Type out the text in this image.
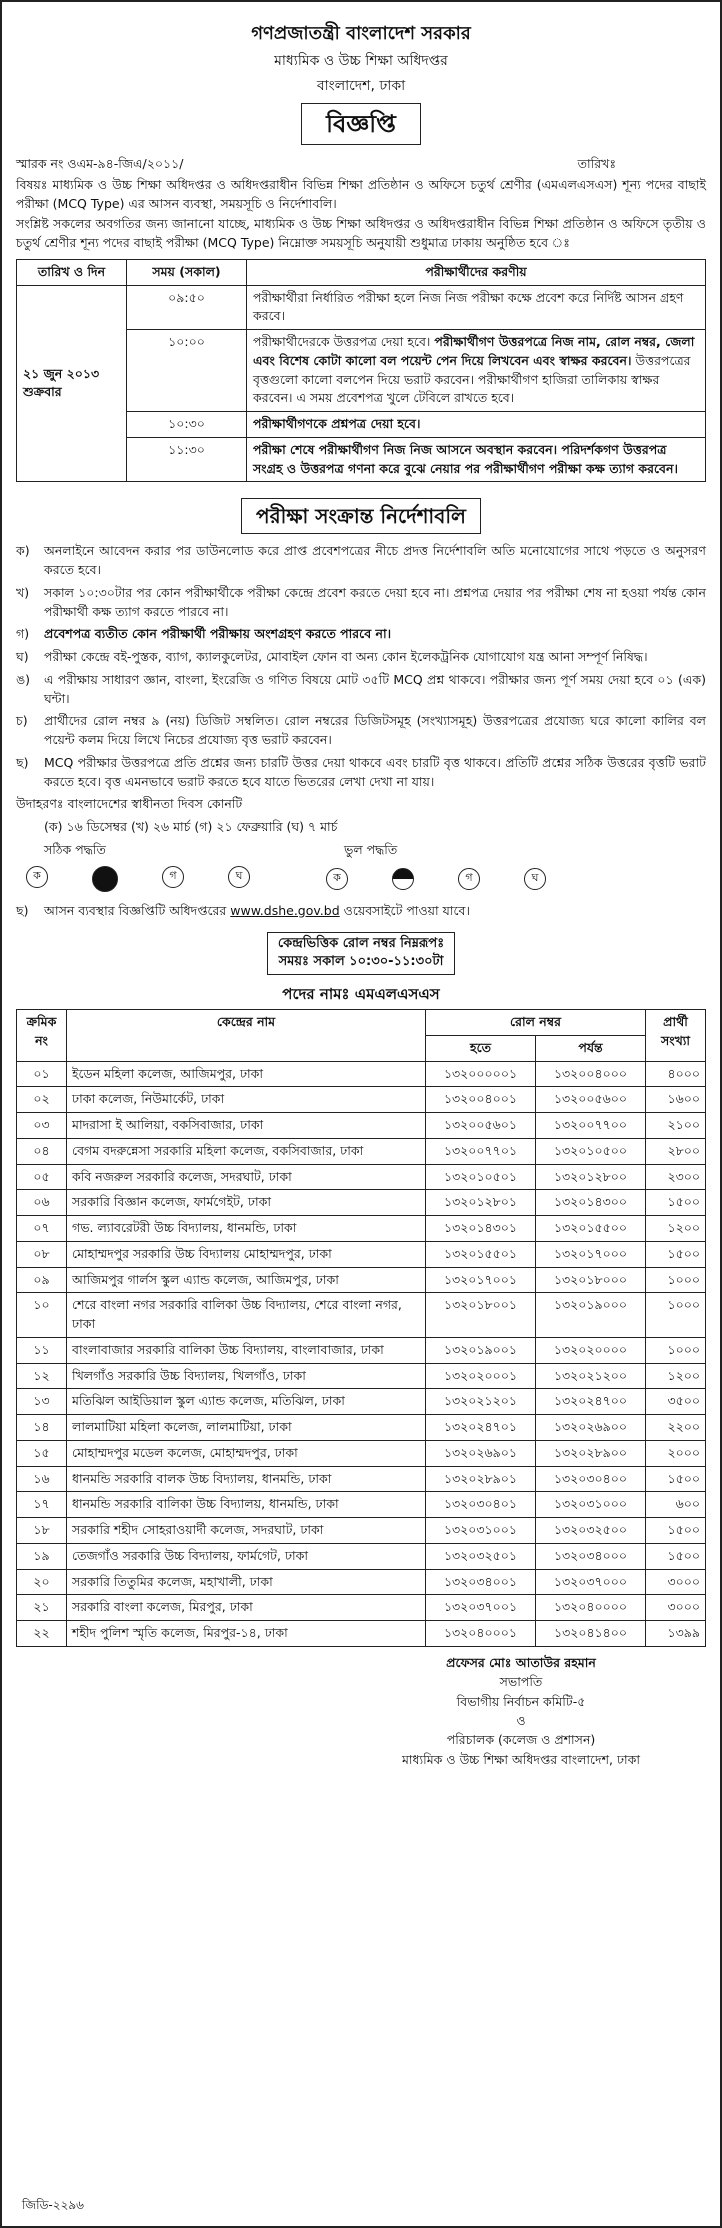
গণপ্রজাতন্ত্রী বাংলাদেশ সরকার
মাধ্যমিক ও উচ্চ শিক্ষা অধিদপ্তর
বাংলাদেশ, ঢাকা
বিজ্ঞপ্তি
স্মারক নং ওএম-৯৪-জিএ/২০১১/	তারিখঃ

বিষয়ঃ মাধ্যমিক ও উচ্চ শিক্ষা অধিদপ্তর ও অধিদপ্তরাধীন বিভিন্ন শিক্ষা প্রতিষ্ঠান ও অফিসে চতুর্থ শ্রেণীর (এমএলএসএস) শূন্য পদের বাছাই পরীক্ষা (MCQ Type) এর আসন ব্যবস্থা, সময়সূচি ও নির্দেশাবলি।

সংশ্লিষ্ট সকলের অবগতির জন্য জানানো যাচ্ছে, মাধ্যমিক ও উচ্চ শিক্ষা অধিদপ্তর ও অধিদপ্তরাধীন বিভিন্ন শিক্ষা প্রতিষ্ঠান ও অফিসে তৃতীয় ও চতুর্থ শ্রেণীর শূন্য পদের বাছাই পরীক্ষা (MCQ Type) নিম্নোক্ত সময়সূচি অনুযায়ী শুধুমাত্র ঢাকায় অনুষ্ঠিত হবে ঃ

তারিখ ও দিন	সময় (সকাল)	পরীক্ষার্থীদের করণীয়

২১ জুন ২০১৩
শুক্রবার	০৯:৫০	পরীক্ষার্থীরা নির্ধারিত পরীক্ষা হলে নিজ নিজ পরীক্ষা কক্ষে প্রবেশ করে নির্দিষ্ট আসন গ্রহণ করবে।
	১০:০০	পরীক্ষার্থীদেরকে উত্তরপত্র দেয়া হবে। পরীক্ষার্থীগণ উত্তরপত্রে নিজ নাম, রোল নম্বর, জেলা এবং বিশেষ কোটা কালো বল পয়েন্ট পেন দিয়ে লিখবেন এবং স্বাক্ষর করবেন। উত্তরপত্রের বৃত্তগুলো কালো বলপেন দিয়ে ভরাট করবেন। পরীক্ষার্থীগণ হাজিরা তালিকায় স্বাক্ষর করবেন। এ সময় প্রবেশপত্র খুলে টেবিলে রাখতে হবে।
	১০:৩০	পরীক্ষার্থীগণকে প্রশ্নপত্র দেয়া হবে।
	১১:৩০	পরীক্ষা শেষে পরীক্ষার্থীগণ নিজ নিজ আসনে অবস্থান করবেন। পরিদর্শকগণ উত্তরপত্র সংগ্রহ ও উত্তরপত্র গণনা করে বুঝে নেয়ার পর পরীক্ষার্থীগণ পরীক্ষা কক্ষ ত্যাগ করবেন।
পরীক্ষা সংক্রান্ত নির্দেশাবলি
ক)	অনলাইনে আবেদন করার পর ডাউনলোড করে প্রাপ্ত প্রবেশপত্রের নীচে প্রদত্ত নির্দেশাবলি অতি মনোযোগের সাথে পড়তে ও অনুসরণ করতে হবে।
খ)	সকাল ১০:৩০টার পর কোন পরীক্ষার্থীকে পরীক্ষা কেন্দ্রে প্রবেশ করতে দেয়া হবে না। প্রশ্নপত্র দেয়ার পর পরীক্ষা শেষ না হওয়া পর্যন্ত কোন পরীক্ষার্থী কক্ষ ত্যাগ করতে পারবে না।
গ)	প্রবেশপত্র ব্যতীত কোন পরীক্ষার্থী পরীক্ষায় অংশগ্রহণ করতে পারবে না।
ঘ)	পরীক্ষা কেন্দ্রে বই-পুস্তক, ব্যাগ, ক্যালকুলেটর, মোবাইল ফোন বা অন্য কোন ইলেকট্রনিক যোগাযোগ যন্ত্র আনা সম্পূর্ণ নিষিদ্ধ।
ঙ)	এ পরীক্ষায় সাধারণ জ্ঞান, বাংলা, ইংরেজি ও গণিত বিষয়ে মোট ৩৫টি MCQ প্রশ্ন থাকবে। পরীক্ষার জন্য পূর্ণ সময় দেয়া হবে ০১ (এক) ঘন্টা।
চ)	প্রার্থীদের রোল নম্বর ৯ (নয়) ডিজিট সম্বলিত। রোল নম্বরের ডিজিটসমূহ (সংখ্যাসমূহ) উত্তরপত্রের প্রযোজ্য ঘরে কালো কালির বল পয়েন্ট কলম দিয়ে লিখে নিচের প্রযোজ্য বৃত্ত ভরাট করবেন।
ছ)	MCQ পরীক্ষার উত্তরপত্রে প্রতি প্রশ্নের জন্য চারটি উত্তর দেয়া থাকবে এবং চারটি বৃত্ত থাকবে। প্রতিটি প্রশ্নের সঠিক উত্তরের বৃত্তটি ভরাট করতে হবে। বৃত্ত এমনভাবে ভরাট করতে হবে যাতে ভিতরের লেখা দেখা না যায়।
উদাহরণঃ বাংলাদেশের স্বাধীনতা দিবস কোনটি
(ক) ১৬ ডিসেম্বর (খ) ২৬ মার্চ (গ) ২১ ফেব্রুয়ারি (ঘ) ৭ মার্চ
সঠিক পদ্ধতি	ভুল পদ্ধতি
ক	গ	ঘ	ক	গ	ঘ
ছ)	আসন ব্যবস্থার বিজ্ঞপ্তিটি অধিদপ্তরের www.dshe.gov.bd ওয়েবসাইটে পাওয়া যাবে।
কেন্দ্রভিত্তিক রোল নম্বর নিম্নরূপঃ
সময়ঃ সকাল ১০:৩০-১১:৩০টা
পদের নামঃ এমএলএসএস
ক্রমিক নং	কেন্দ্রের নাম	রোল নম্বর		প্রার্থী সংখ্যা
		হতে	পর্যন্ত	
০১	ইডেন মহিলা কলেজ, আজিমপুর, ঢাকা	১৩২০০০০০১	১৩২০০৪০০০	৪০০০
০২	ঢাকা কলেজ, নিউমার্কেট, ঢাকা	১৩২০০৪০০১	১৩২০০৫৬০০	১৬০০
০৩	মাদরাসা ই আলিয়া, বকসিবাজার, ঢাকা	১৩২০০৫৬০১	১৩২০০৭৭০০	২১০০
০৪	বেগম বদরুন্নেসা সরকারি মহিলা কলেজ, বকসিবাজার, ঢাকা	১৩২০০৭৭০১	১৩২০১০৫০০	২৮০০
০৫	কবি নজরুল সরকারি কলেজ, সদরঘাট, ঢাকা	১৩২০১০৫০১	১৩২০১২৮০০	২৩০০
০৬	সরকারি বিজ্ঞান কলেজ, ফার্মগেইট, ঢাকা	১৩২০১২৮০১	১৩২০১৪৩০০	১৫০০
০৭	গভ. ল্যাবরেটরী উচ্চ বিদ্যালয়, ধানমন্ডি, ঢাকা	১৩২০১৪৩০১	১৩২০১৫৫০০	১২০০
০৮	মোহাম্মদপুর সরকারি উচ্চ বিদ্যালয় মোহাম্মদপুর, ঢাকা	১৩২০১৫৫০১	১৩২০১৭০০০	১৫০০
০৯	আজিমপুর গার্লস স্কুল এ্যান্ড কলেজ, আজিমপুর, ঢাকা	১৩২০১৭০০১	১৩২০১৮০০০	১০০০
১০	শেরে বাংলা নগর সরকারি বালিকা উচ্চ বিদ্যালয়, শেরে বাংলা নগর, ঢাকা	১৩২০১৮০০১	১৩২০১৯০০০	১০০০
১১	বাংলাবাজার সরকারি বালিকা উচ্চ বিদ্যালয়, বাংলাবাজার, ঢাকা	১৩২০১৯০০১	১৩২০২০০০০	১০০০
১২	খিলগাঁও সরকারি উচ্চ বিদ্যালয়, খিলগাঁও, ঢাকা	১৩২০২০০০১	১৩২০২১২০০	১২০০
১৩	মতিঝিল আইডিয়াল স্কুল এ্যান্ড কলেজ, মতিঝিল, ঢাকা	১৩২০২১২০১	১৩২০২৪৭০০	৩৫০০
১৪	লালমাটিয়া মহিলা কলেজ, লালমাটিয়া, ঢাকা	১৩২০২৪৭০১	১৩২০২৬৯০০	২২০০
১৫	মোহাম্মদপুর মডেল কলেজ, মোহাম্মদপুর, ঢাকা	১৩২০২৬৯০১	১৩২০২৮৯০০	২০০০
১৬	ধানমন্ডি সরকারি বালক উচ্চ বিদ্যালয়, ধানমন্ডি, ঢাকা	১৩২০২৮৯০১	১৩২০৩০৪০০	১৫০০
১৭	ধানমন্ডি সরকারি বালিকা উচ্চ বিদ্যালয়, ধানমন্ডি, ঢাকা	১৩২০৩০৪০১	১৩২০৩১০০০	৬০০
১৮	সরকারি শহীদ সোহরাওয়ার্দী কলেজ, সদরঘাট, ঢাকা	১৩২০৩১০০১	১৩২০৩২৫০০	১৫০০
১৯	তেজগাঁও সরকারি উচ্চ বিদ্যালয়, ফার্মগেট, ঢাকা	১৩২০৩২৫০১	১৩২০৩৪০০০	১৫০০
২০	সরকারি তিতুমির কলেজ, মহাখালী, ঢাকা	১৩২০৩৪০০১	১৩২০৩৭০০০	৩০০০
২১	সরকারি বাংলা কলেজ, মিরপুর, ঢাকা	১৩২০৩৭০০১	১৩২০৪০০০০	৩০০০
২২	শহীদ পুলিশ স্মৃতি কলেজ, মিরপুর-১৪, ঢাকা	১৩২০৪০০০১	১৩২০৪১৪০০	১৩৯৯
প্রফেসর মোঃ আতাউর রহমান
সভাপতি
বিভাগীয় নির্বাচন কমিটি-৫
ও
পরিচালক (কলেজ ও প্রশাসন)
মাধ্যমিক ও উচ্চ শিক্ষা অধিদপ্তর বাংলাদেশ, ঢাকা
জিডি-২২৯৬
